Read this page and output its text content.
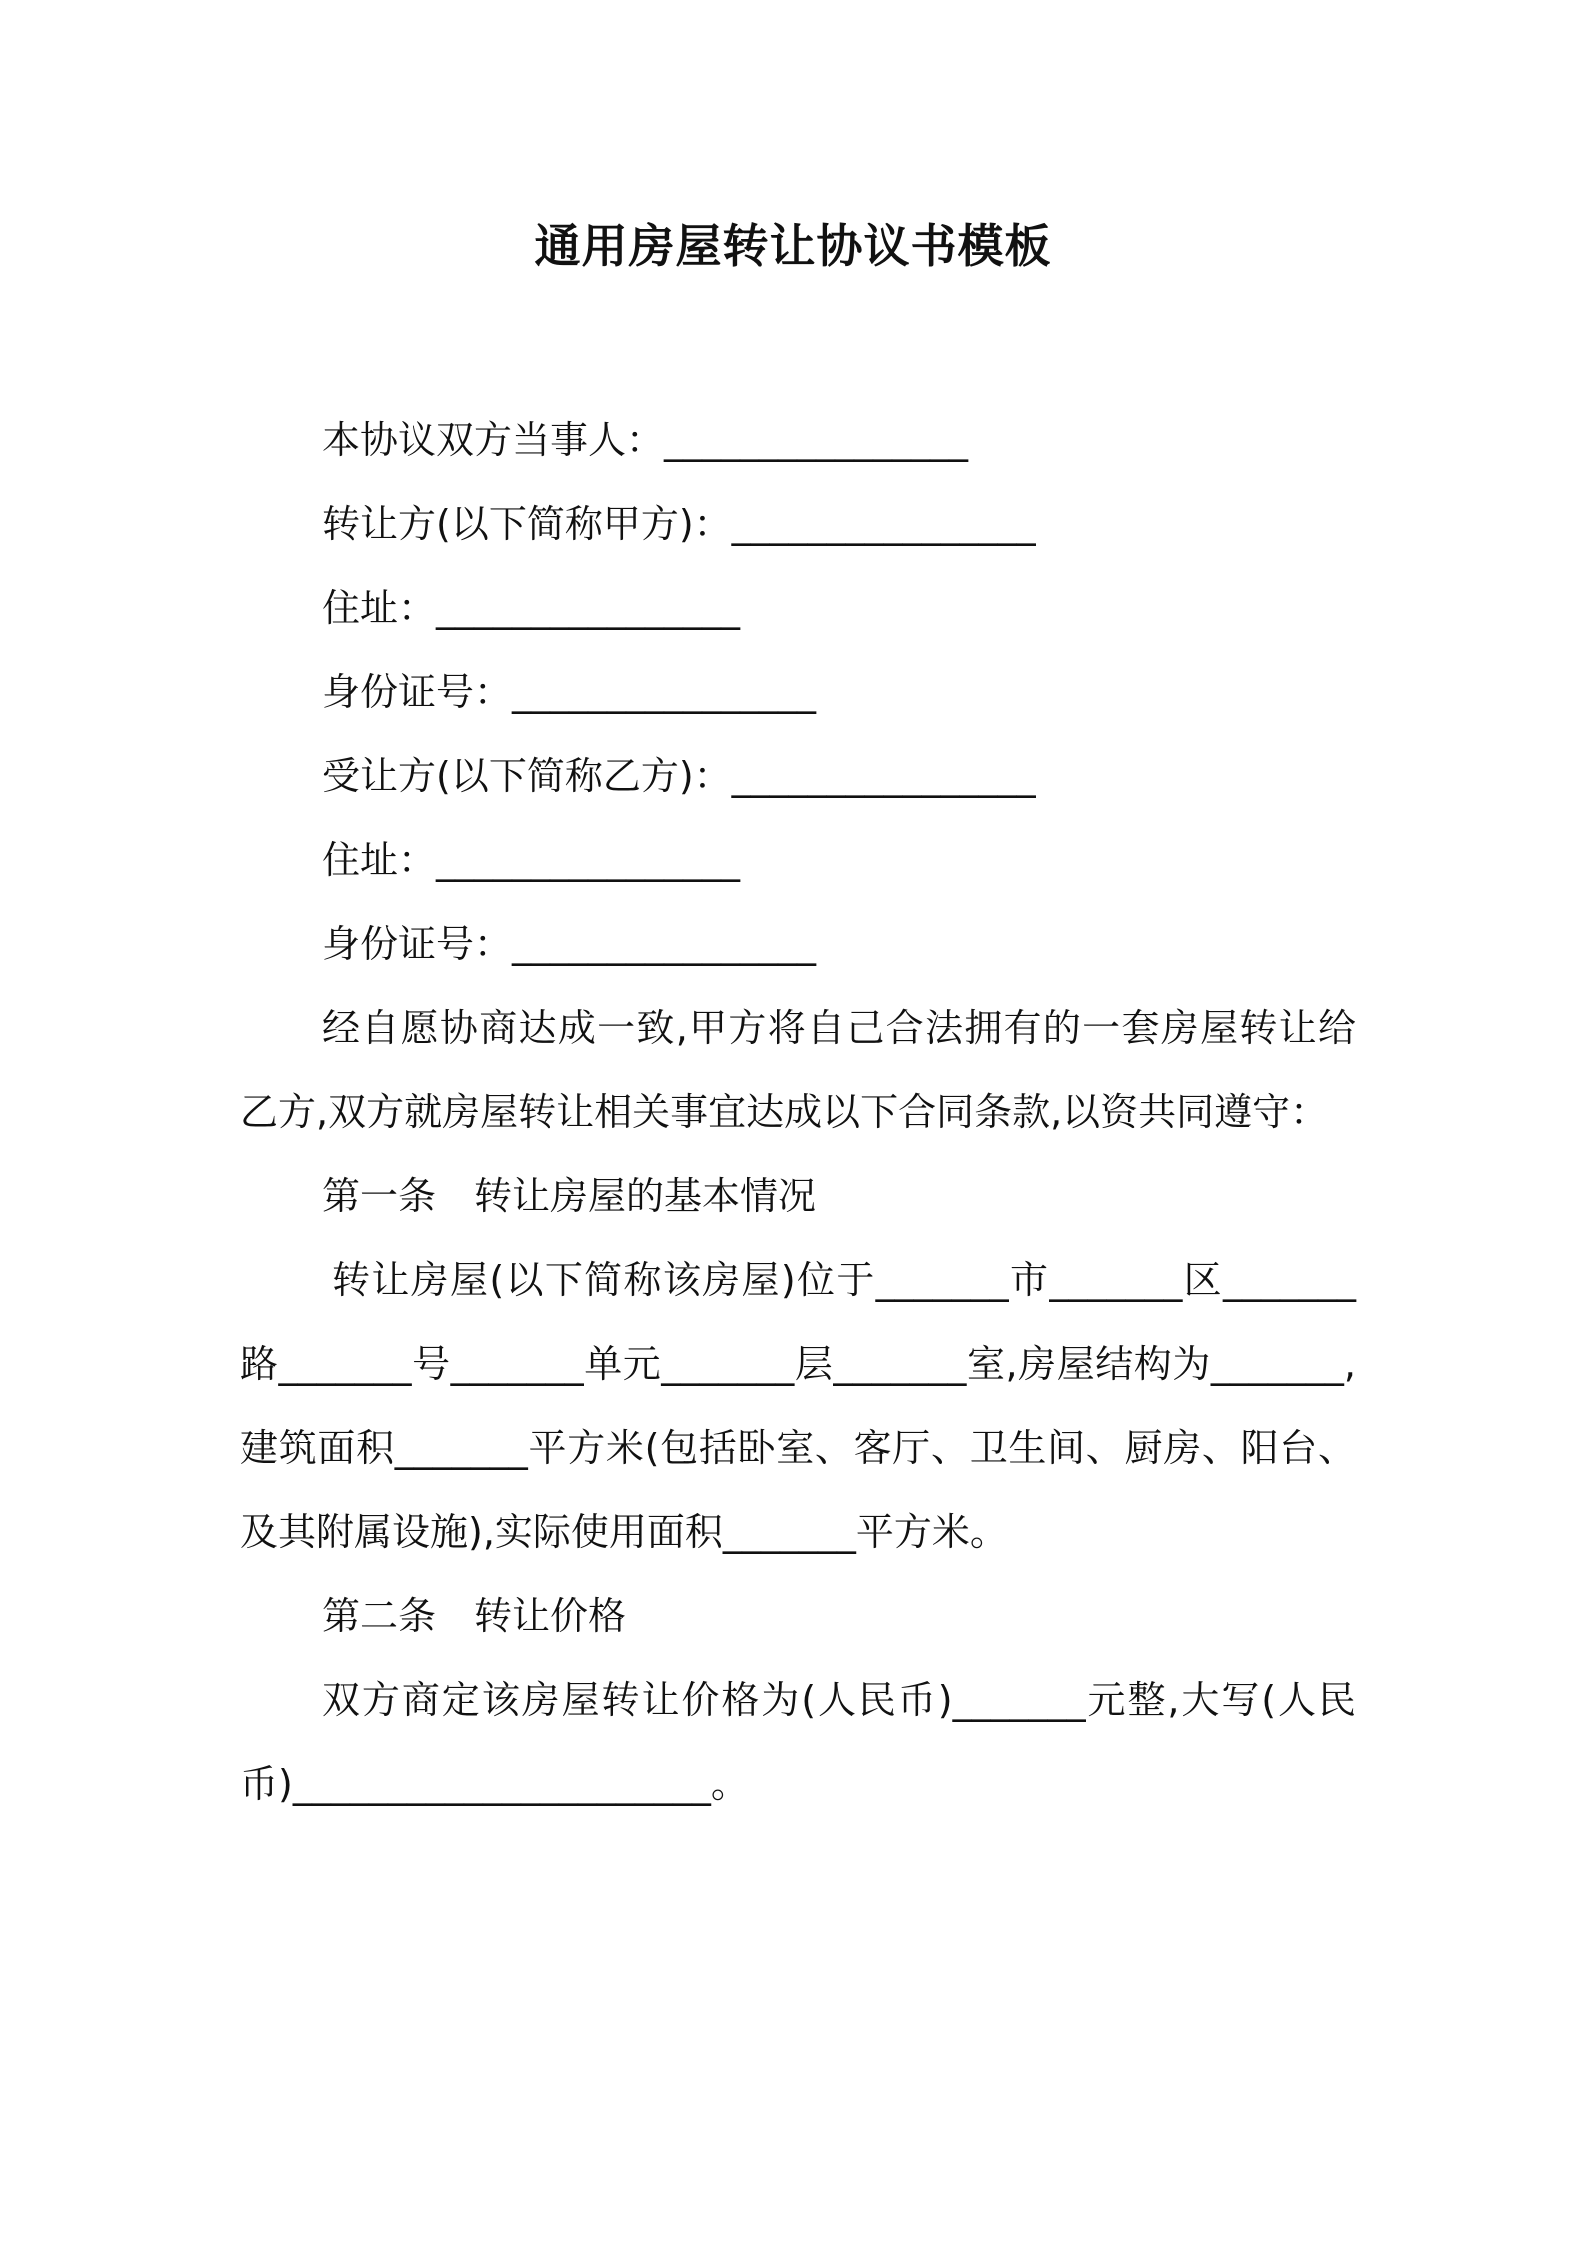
通用房屋转让协议书模板

本协议双方当事人：________________

转让方(以下简称甲方)：________________

住址：________________

身份证号：________________

受让方(以下简称乙方)：________________

住址：________________

身份证号：________________

经自愿协商达成一致,甲方将自己合法拥有的一套房屋转让给乙方,双方就房屋转让相关事宜达成以下合同条款,以资共同遵守：

第一条 转让房屋的基本情况

转让房屋(以下简称该房屋)位于_______市_______区_______路_______号_______单元_______层_______室,房屋结构为_______,建筑面积_______平方米(包括卧室、客厅、卫生间、厨房、阳台、及其附属设施),实际使用面积_______平方米。

第二条 转让价格

双方商定该房屋转让价格为(人民币)_______元整,大写(人民币)______________________。
